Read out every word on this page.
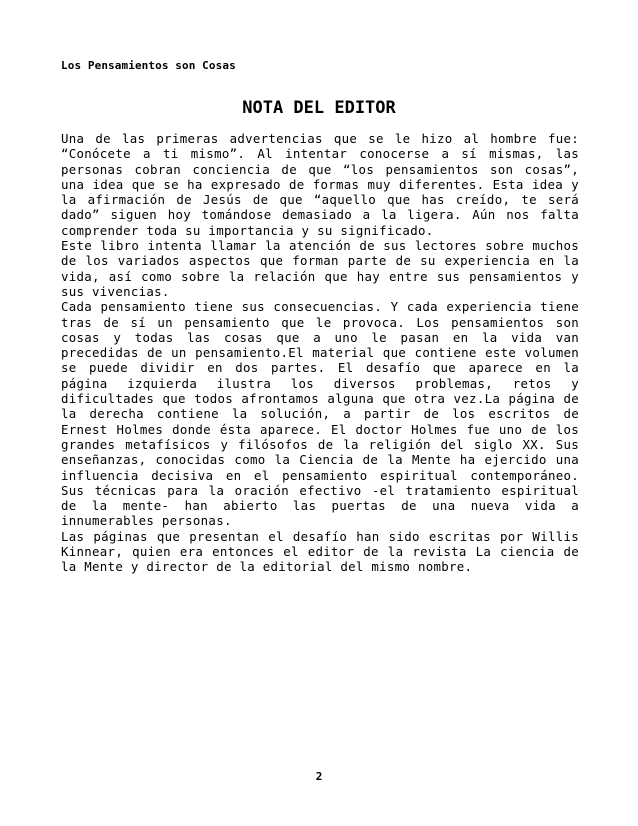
Los Pensamientos son Cosas
NOTA DEL EDITOR

Una de las primeras advertencias que se le hizo al hombre fue: “Conócete a ti mismo”. Al intentar conocerse a sí mismas, las personas cobran conciencia de que “los pensamientos son cosas”, una idea que se ha expresado de formas muy diferentes. Esta idea y la afirmación de Jesús de que “aquello que has creído, te será dado” siguen hoy tomándose demasiado a la ligera. Aún nos falta comprender toda su importancia y su significado.

Este libro intenta llamar la atención de sus lectores sobre muchos de los variados aspectos que forman parte de su experiencia en la vida, así como sobre la relación que hay entre sus pensamientos y sus vivencias.

Cada pensamiento tiene sus consecuencias. Y cada experiencia tiene tras de sí un pensamiento que le provoca. Los pensamientos son cosas y todas las cosas que a uno le pasan en la vida van precedidas de un pensamiento.El material que contiene este volumen se puede dividir en dos partes. El desafío que aparece en la página izquierda ilustra los diversos problemas, retos y dificultades que todos afrontamos alguna que otra vez.La página de la derecha contiene la solución, a partir de los escritos de Ernest Holmes donde ésta aparece. El doctor Holmes fue uno de los grandes metafísicos y filósofos de la religión del siglo XX. Sus enseñanzas, conocidas como la Ciencia de la Mente ha ejercido una influencia decisiva en el pensamiento espiritual contemporáneo. Sus técnicas para la oración efectivo -el tratamiento espiritual de la mente- han abierto las puertas de una nueva vida a innumerables personas.

Las páginas que presentan el desafío han sido escritas por Willis Kinnear, quien era entonces el editor de la revista La ciencia de la Mente y director de la editorial del mismo nombre.

2
